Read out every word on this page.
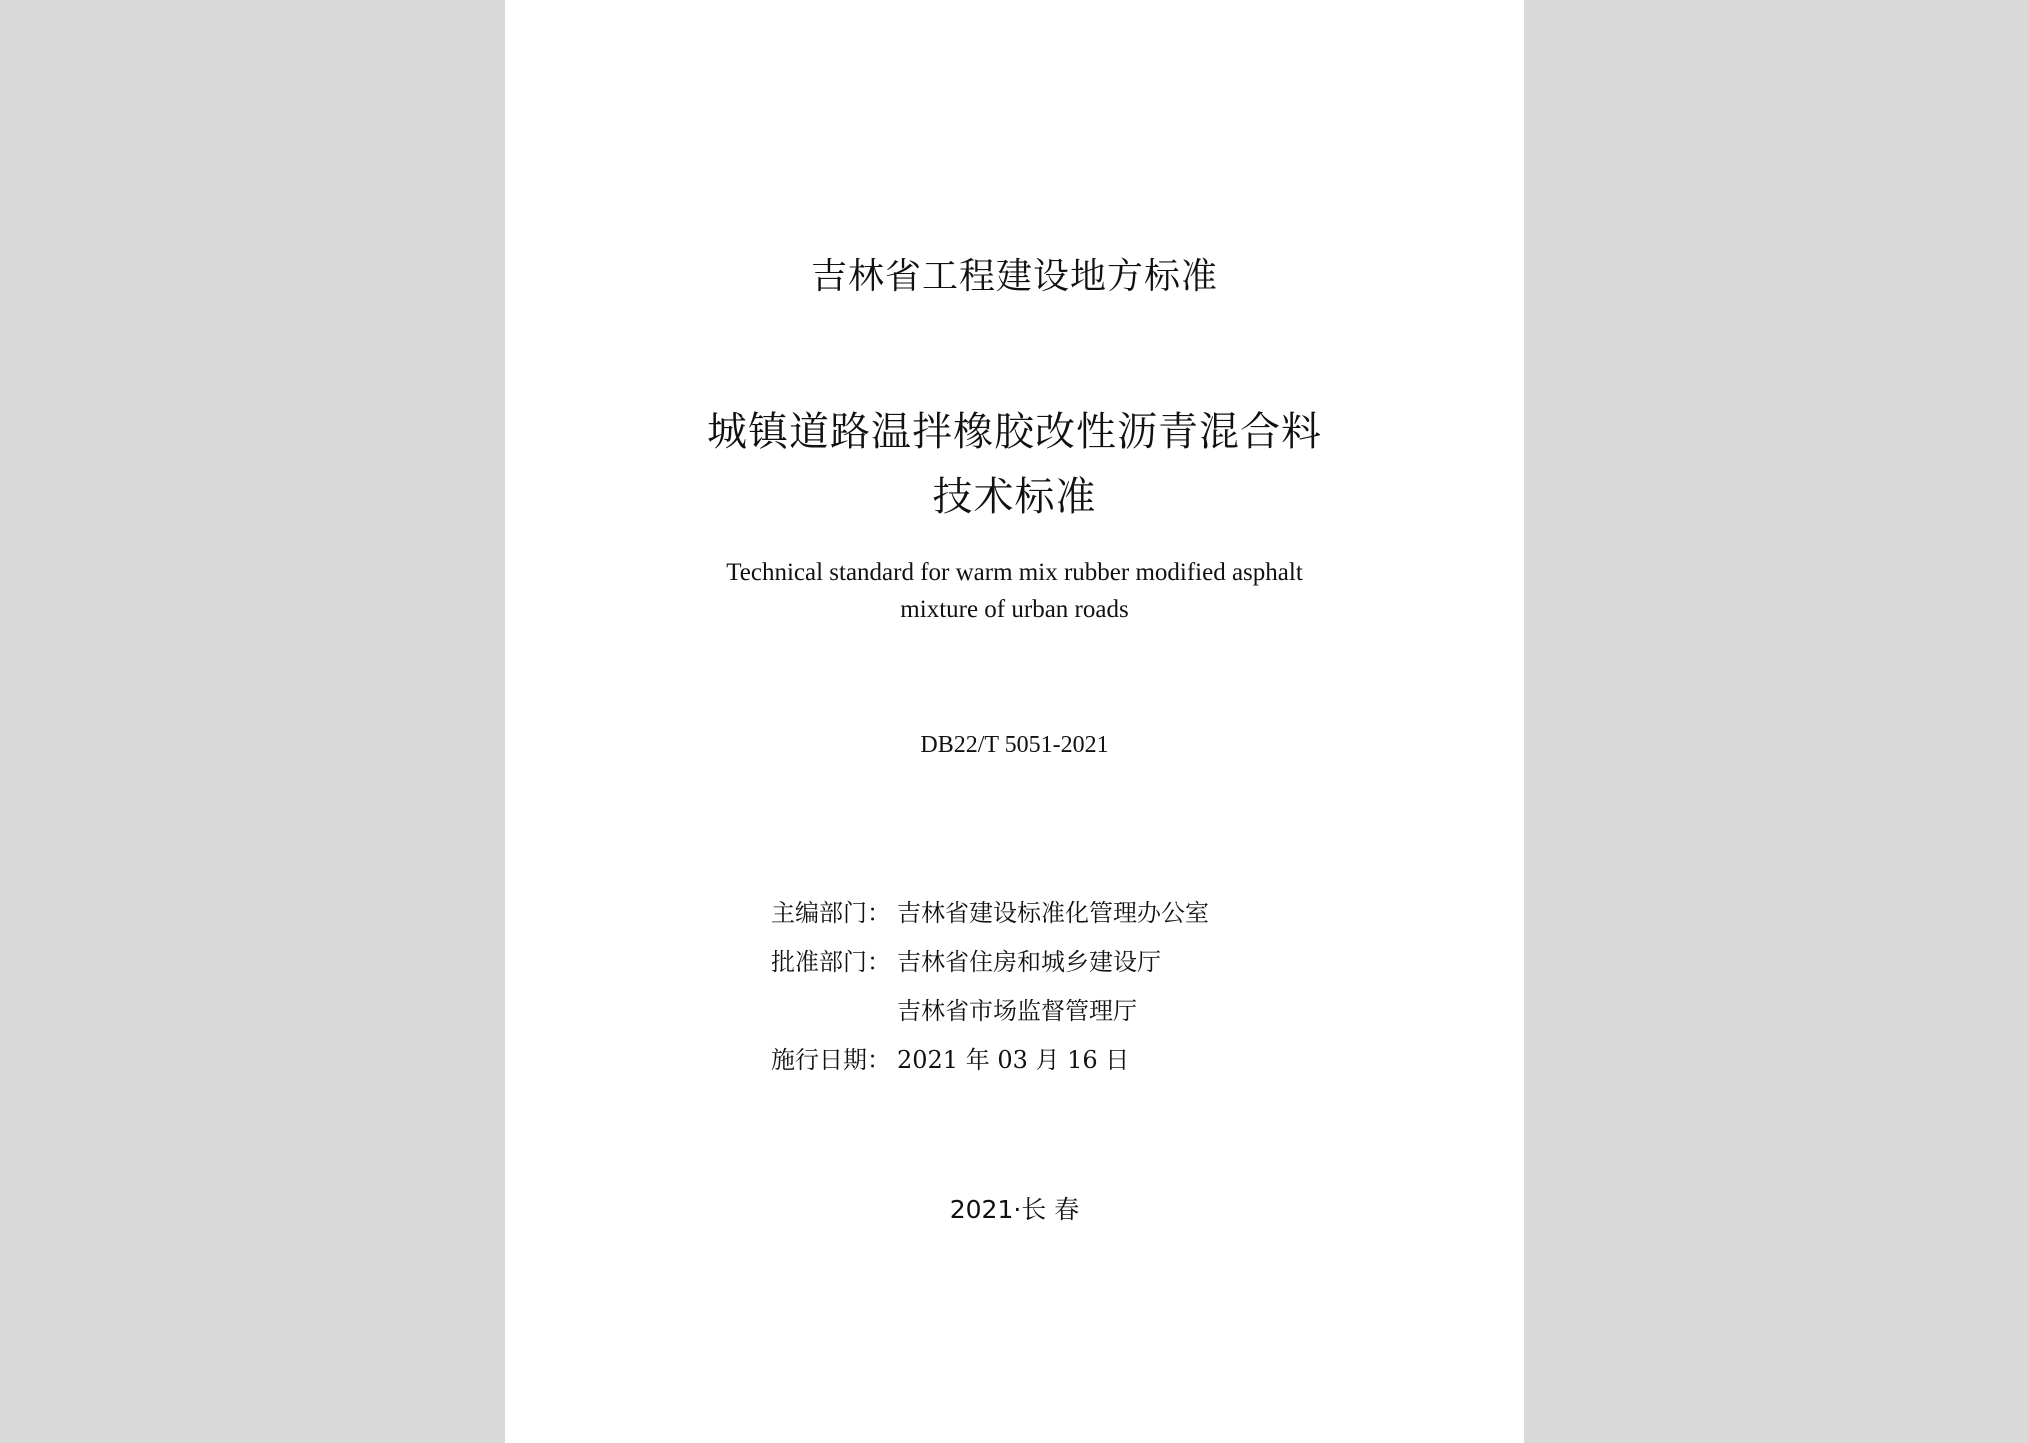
吉林省工程建设地方标准
城镇道路温拌橡胶改性沥青混合料
技术标准
Technical standard for warm mix rubber modified asphalt
mixture of urban roads
DB22/T 5051-2021
主编部门： 吉林省建设标准化管理办公室
批准部门： 吉林省住房和城乡建设厅
吉林省市场监督管理厅
施行日期： 2021 年 03 月 16 日
2021·长 春
